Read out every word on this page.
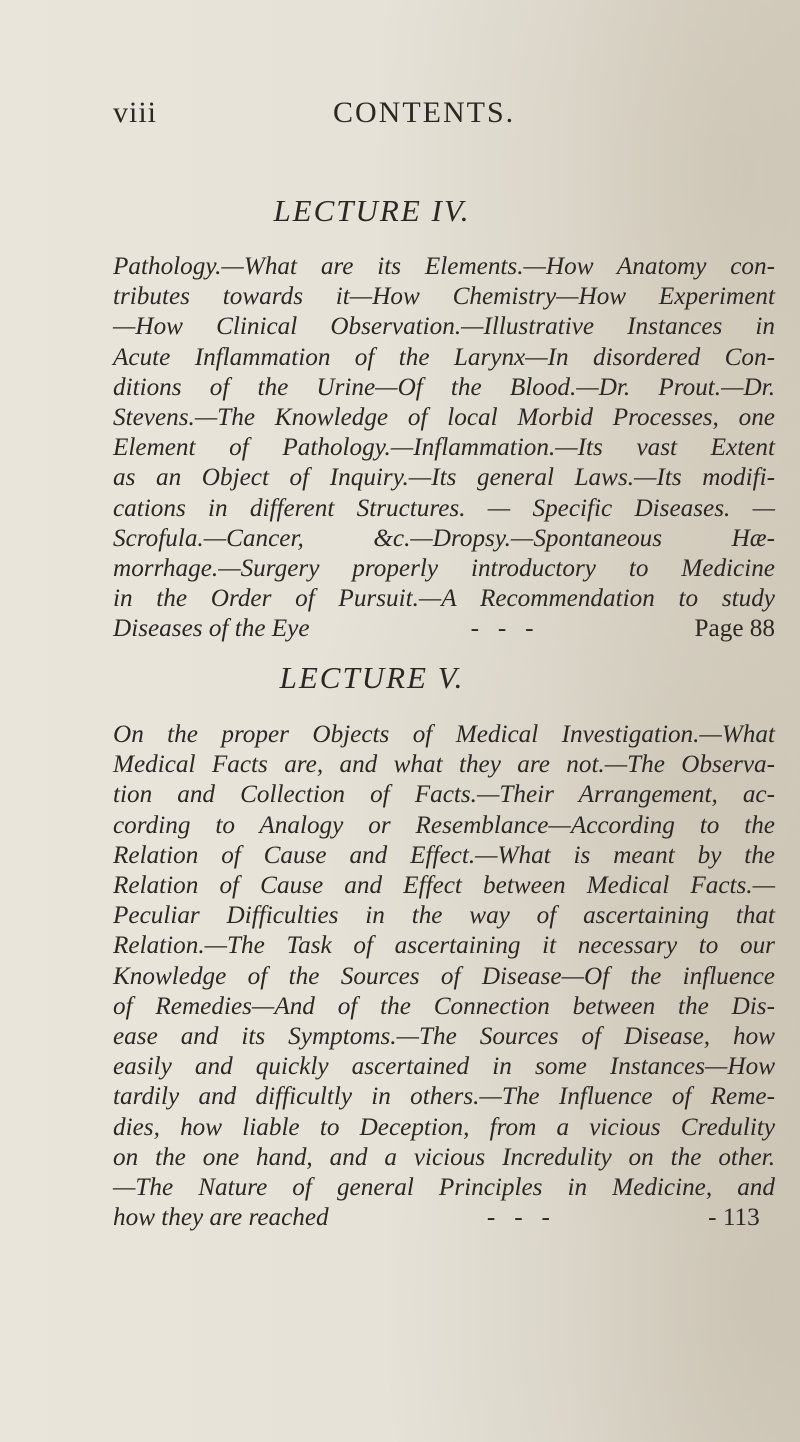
viii	CONTENTS.
LECTURE IV.
Pathology.—What are its Elements.—How Anatomy con-
tributes towards it—How Chemistry—How Experiment
—How Clinical Observation.—Illustrative Instances in
Acute Inflammation of the Larynx—In disordered Con-
ditions of the Urine—Of the Blood.—Dr. Prout.—Dr.
Stevens.—The Knowledge of local Morbid Processes, one
Element of Pathology.—Inflammation.—Its vast Extent
as an Object of Inquiry.—Its general Laws.—Its modifi-
cations in different Structures. — Specific Diseases. —
Scrofula.—Cancer, &c.—Dropsy.—Spontaneous Hæ-
morrhage.—Surgery properly introductory to Medicine
in the Order of Pursuit.—A Recommendation to study
Diseases of the Eye	-   -   -	Page 88
LECTURE V.
On the proper Objects of Medical Investigation.—What
Medical Facts are, and what they are not.—The Observa-
tion and Collection of Facts.—Their Arrangement, ac-
cording to Analogy or Resemblance—According to the
Relation of Cause and Effect.—What is meant by the
Relation of Cause and Effect between Medical Facts.—
Peculiar Difficulties in the way of ascertaining that
Relation.—The Task of ascertaining it necessary to our
Knowledge of the Sources of Disease—Of the influence
of Remedies—And of the Connection between the Dis-
ease and its Symptoms.—The Sources of Disease, how
easily and quickly ascertained in some Instances—How
tardily and difficultly in others.—The Influence of Reme-
dies, how liable to Deception, from a vicious Credulity
on the one hand, and a vicious Incredulity on the other.
—The Nature of general Principles in Medicine, and
how they are reached	-   -   -	- 113
